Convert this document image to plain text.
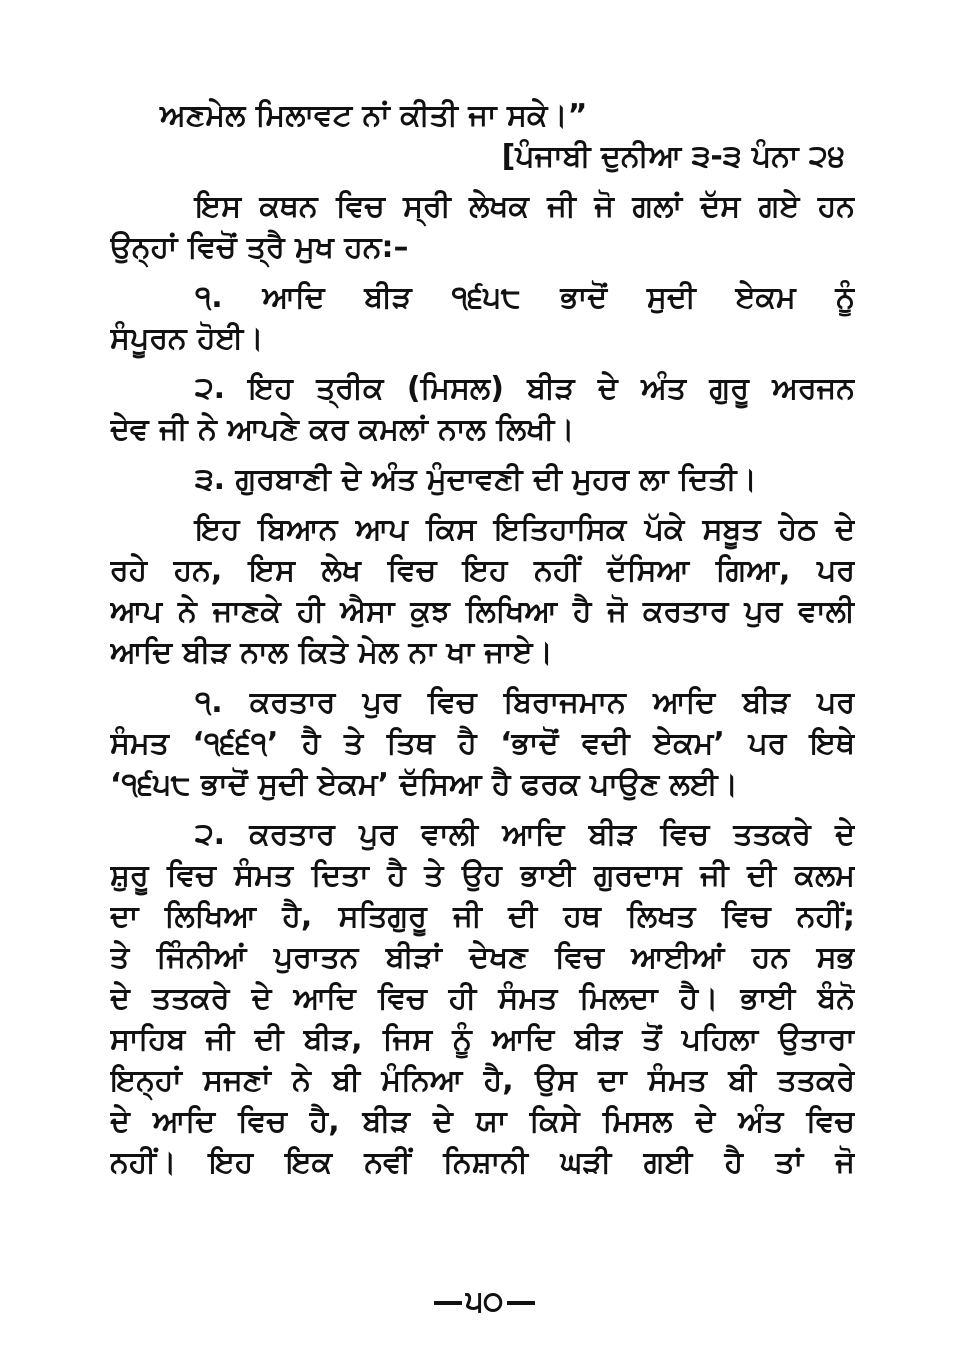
ਅਣਮੇਲ ਮਿਲਾਵਟ ਨਾਂ ਕੀਤੀ ਜਾ ਸਕੇ।”
[ਪੰਜਾਬੀ ਦੁਨੀਆ ੩-੩ ਪੰਨਾ ੨੪
ਇਸ ਕਥਨ ਵਿਚ ਸ੍ਰੀ ਲੇਖਕ ਜੀ ਜੋ ਗਲਾਂ ਦੱਸ ਗਏ ਹਨ
ਉਨ੍ਹਾਂ ਵਿਚੋਂ ਤ੍ਰੈ ਮੁਖ ਹਨ:–
੧. ਆਦਿ ਬੀੜ ੧੬੫੮ ਭਾਦੋਂ ਸੁਦੀ ਏਕਮ ਨੂੰ
ਸੰਪੂਰਨ ਹੋਈ।
੨. ਇਹ ਤ੍ਰੀਕ (ਮਿਸਲ) ਬੀੜ ਦੇ ਅੰਤ ਗੁਰੂ ਅਰਜਨ
ਦੇਵ ਜੀ ਨੇ ਆਪਣੇ ਕਰ ਕਮਲਾਂ ਨਾਲ ਲਿਖੀ।
੩. ਗੁਰਬਾਣੀ ਦੇ ਅੰਤ ਮੁੰਦਾਵਣੀ ਦੀ ਮੁਹਰ ਲਾ ਦਿਤੀ।
ਇਹ ਬਿਆਨ ਆਪ ਕਿਸ ਇਤਿਹਾਸਿਕ ਪੱਕੇ ਸਬੂਤ ਹੇਠ ਦੇ
ਰਹੇ ਹਨ, ਇਸ ਲੇਖ ਵਿਚ ਇਹ ਨਹੀਂ ਦੱਸਿਆ ਗਿਆ, ਪਰ
ਆਪ ਨੇ ਜਾਣਕੇ ਹੀ ਐਸਾ ਕੁਝ ਲਿਖਿਆ ਹੈ ਜੋ ਕਰਤਾਰ ਪੁਰ ਵਾਲੀ
ਆਦਿ ਬੀੜ ਨਾਲ ਕਿਤੇ ਮੇਲ ਨਾ ਖਾ ਜਾਏ।
੧. ਕਰਤਾਰ ਪੁਰ ਵਿਚ ਬਿਰਾਜਮਾਨ ਆਦਿ ਬੀੜ ਪਰ
ਸੰਮਤ ‘੧੬੬੧’ ਹੈ ਤੇ ਤਿਥ ਹੈ ‘ਭਾਦੋਂ ਵਦੀ ਏਕਮ’ ਪਰ ਇਥੇ
‘੧੬੫੮ ਭਾਦੋਂ ਸੁਦੀ ਏਕਮ’ ਦੱਸਿਆ ਹੈ ਫਰਕ ਪਾਉਣ ਲਈ।
੨. ਕਰਤਾਰ ਪੁਰ ਵਾਲੀ ਆਦਿ ਬੀੜ ਵਿਚ ਤਤਕਰੇ ਦੇ
ਸ਼ੁਰੂ ਵਿਚ ਸੰਮਤ ਦਿਤਾ ਹੈ ਤੇ ਉਹ ਭਾਈ ਗੁਰਦਾਸ ਜੀ ਦੀ ਕਲਮ
ਦਾ ਲਿਖਿਆ ਹੈ, ਸਤਿਗੁਰੂ ਜੀ ਦੀ ਹਥ ਲਿਖਤ ਵਿਚ ਨਹੀਂ;
ਤੇ ਜਿੰਨੀਆਂ ਪੁਰਾਤਨ ਬੀੜਾਂ ਦੇਖਣ ਵਿਚ ਆਈਆਂ ਹਨ ਸਭ
ਦੇ ਤਤਕਰੇ ਦੇ ਆਦਿ ਵਿਚ ਹੀ ਸੰਮਤ ਮਿਲਦਾ ਹੈ। ਭਾਈ ਬੰਨੋ
ਸਾਹਿਬ ਜੀ ਦੀ ਬੀੜ, ਜਿਸ ਨੂੰ ਆਦਿ ਬੀੜ ਤੋਂ ਪਹਿਲਾ ਉਤਾਰਾ
ਇਨ੍ਹਾਂ ਸਜਣਾਂ ਨੇ ਬੀ ਮੰਨਿਆ ਹੈ, ਉਸ ਦਾ ਸੰਮਤ ਬੀ ਤਤਕਰੇ
ਦੇ ਆਦਿ ਵਿਚ ਹੈ, ਬੀੜ ਦੇ ਯਾ ਕਿਸੇ ਮਿਸਲ ਦੇ ਅੰਤ ਵਿਚ
ਨਹੀਂ। ਇਹ ਇਕ ਨਵੀਂ ਨਿਸ਼ਾਨੀ ਘੜੀ ਗਈ ਹੈ ਤਾਂ ਜੋ
੫੦
